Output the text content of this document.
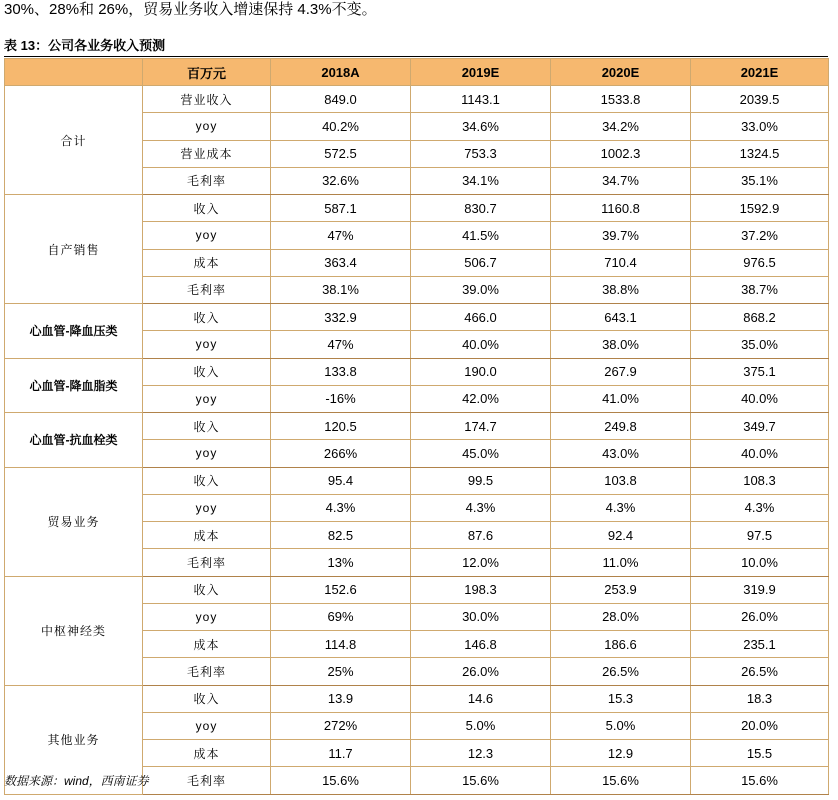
30%、28%和 26%，贸易业务收入增速保持 4.3%不变。
表 13：公司各业务收入预测
	百万元	2018A	2019E	2020E	2021E
合计	营业收入	849.0	1143.1	1533.8	2039.5
	yoy	40.2%	34.6%	34.2%	33.0%
	营业成本	572.5	753.3	1002.3	1324.5
	毛利率	32.6%	34.1%	34.7%	35.1%
自产销售	收入	587.1	830.7	1160.8	1592.9
	yoy	47%	41.5%	39.7%	37.2%
	成本	363.4	506.7	710.4	976.5
	毛利率	38.1%	39.0%	38.8%	38.7%
心血管-降血压类	收入	332.9	466.0	643.1	868.2
	yoy	47%	40.0%	38.0%	35.0%
心血管-降血脂类	收入	133.8	190.0	267.9	375.1
	yoy	-16%	42.0%	41.0%	40.0%
心血管-抗血栓类	收入	120.5	174.7	249.8	349.7
	yoy	266%	45.0%	43.0%	40.0%
贸易业务	收入	95.4	99.5	103.8	108.3
	yoy	4.3%	4.3%	4.3%	4.3%
	成本	82.5	87.6	92.4	97.5
	毛利率	13%	12.0%	11.0%	10.0%
中枢神经类	收入	152.6	198.3	253.9	319.9
	yoy	69%	30.0%	28.0%	26.0%
	成本	114.8	146.8	186.6	235.1
	毛利率	25%	26.0%	26.5%	26.5%
其他业务	收入	13.9	14.6	15.3	18.3
	yoy	272%	5.0%	5.0%	20.0%
	成本	11.7	12.3	12.9	15.5
	毛利率	15.6%	15.6%	15.6%	15.6%
数据来源：wind，西南证券
